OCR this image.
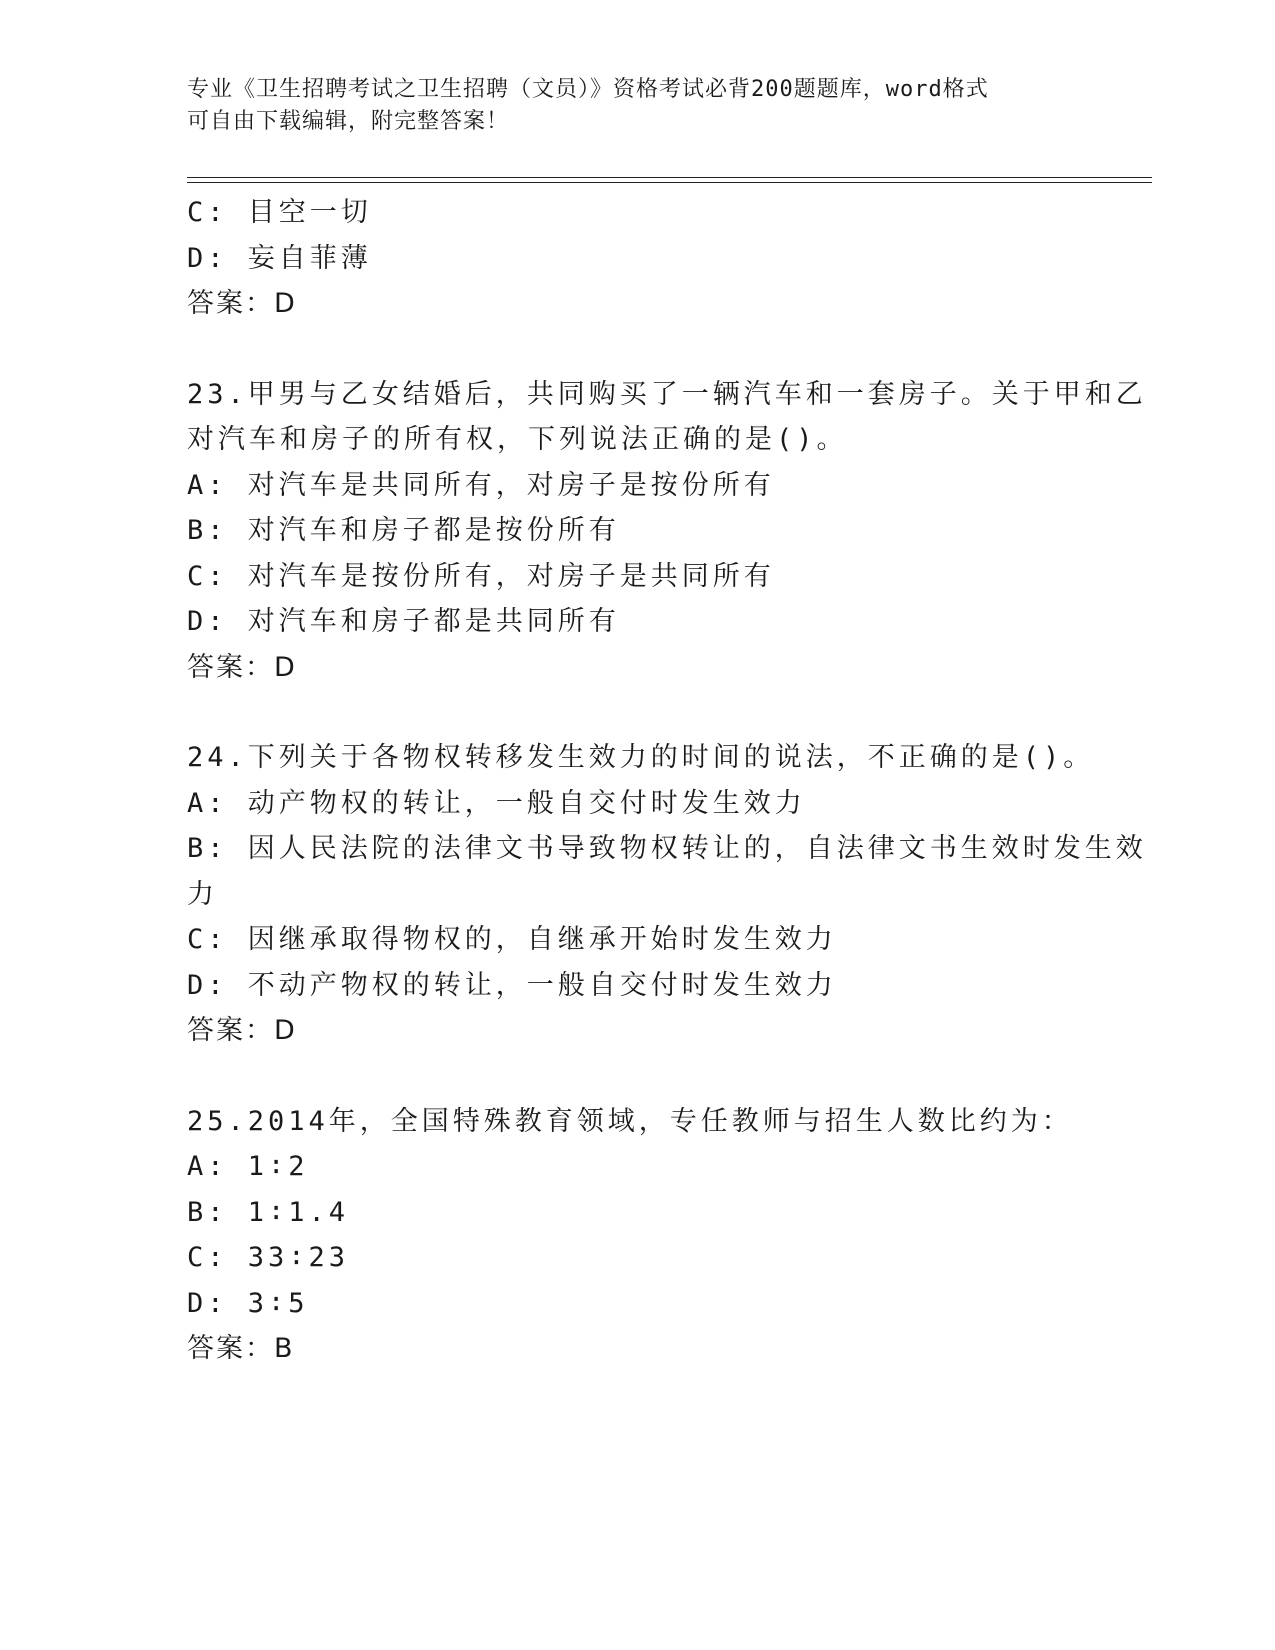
专业《卫生招聘考试之卫生招聘（文员）》资格考试必背200题题库，word格式
可自由下载编辑，附完整答案！
C: 目空一切
D: 妄自菲薄
答案：D
23.甲男与乙女结婚后，共同购买了一辆汽车和一套房子。关于甲和乙
对汽车和房子的所有权，下列说法正确的是()。
A: 对汽车是共同所有，对房子是按份所有
B: 对汽车和房子都是按份所有
C: 对汽车是按份所有，对房子是共同所有
D: 对汽车和房子都是共同所有
答案：D
24.下列关于各物权转移发生效力的时间的说法，不正确的是()。
A: 动产物权的转让，一般自交付时发生效力
B: 因人民法院的法律文书导致物权转让的，自法律文书生效时发生效
力
C: 因继承取得物权的，自继承开始时发生效力
D: 不动产物权的转让，一般自交付时发生效力
答案：D
25.2014年，全国特殊教育领域，专任教师与招生人数比约为：
A: 1∶2
B: 1∶1.4
C: 33∶23
D: 3∶5
答案：B
